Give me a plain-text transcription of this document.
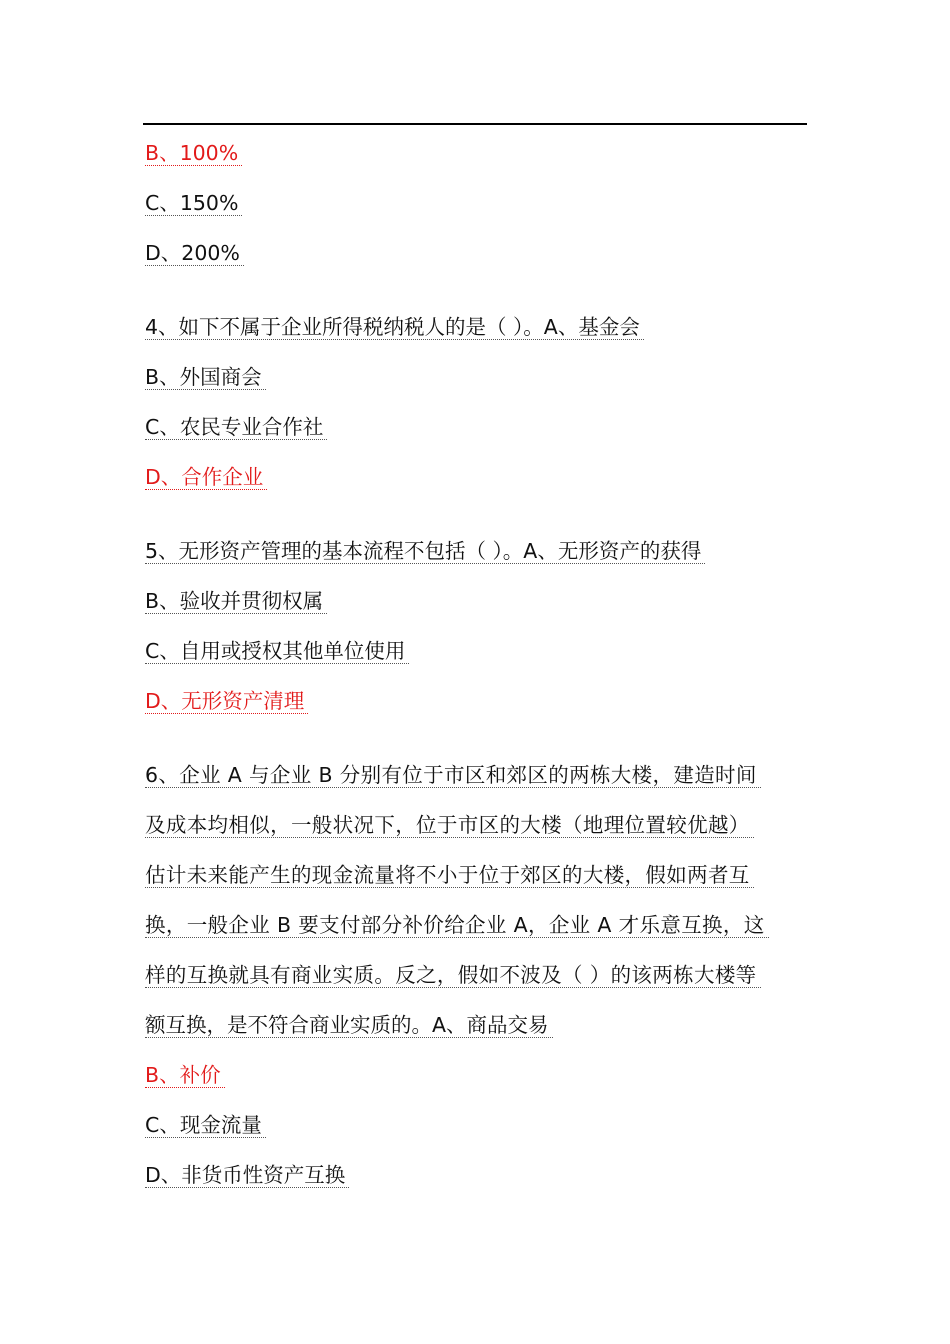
B、100%
C、150%
D、200%
4、如下不属于企业所得税纳税人的是（ ）。A、基金会
B、外国商会
C、农民专业合作社
D、合作企业
5、无形资产管理的基本流程不包括（ ）。A、无形资产的获得
B、验收并贯彻权属
C、自用或授权其他单位使用
D、无形资产清理
6、企业 A 与企业 B 分别有位于市区和郊区的两栋大楼，建造时间
及成本均相似，一般状况下，位于市区的大楼（地理位置较优越）
估计未来能产生的现金流量将不小于位于郊区的大楼，假如两者互
换，一般企业 B 要支付部分补价给企业 A，企业 A 才乐意互换，这
样的互换就具有商业实质。反之，假如不波及（ ）的该两栋大楼等
额互换，是不符合商业实质的。A、商品交易
B、补价
C、现金流量
D、非货币性资产互换
